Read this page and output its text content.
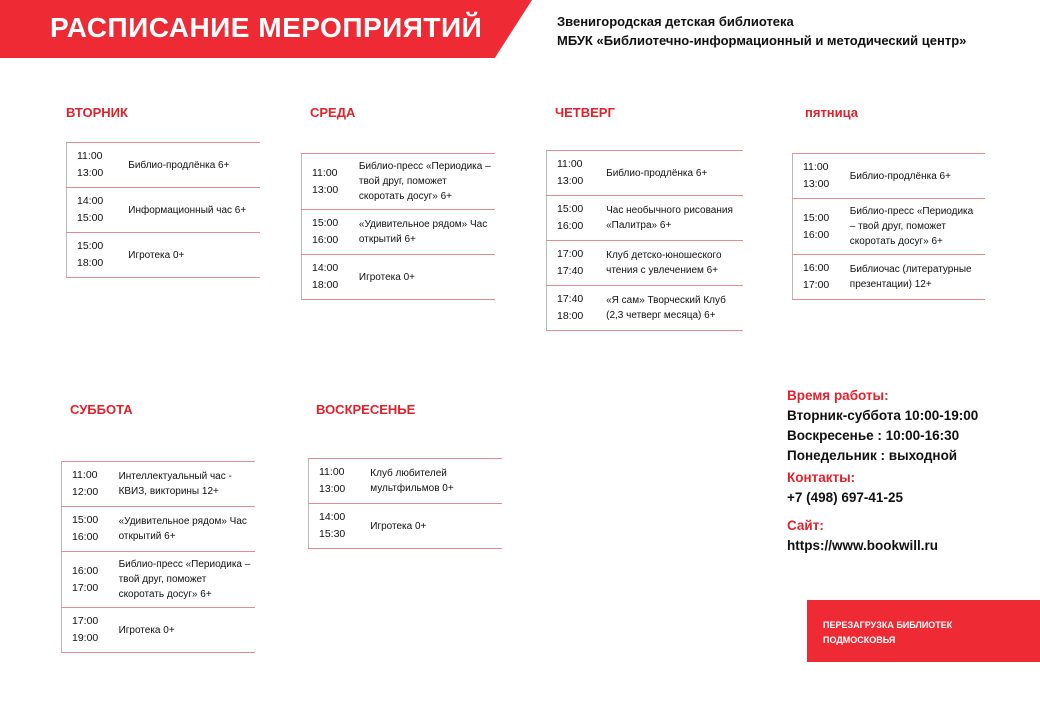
РАСПИСАНИЕ МЕРОПРИЯТИЙ	Звенигородская детская библиотека
МБУК «Библиотечно-информационный и методический центр»
ВТОРНИК
11:00
13:00	Библио-продлёнка 6+

14:00
15:00	Информационный час 6+

15:00
18:00	Игротека 0+
СРЕДА
11:00
13:00	Библио-пресс «Периодика – твой друг, поможет скоротать досуг» 6+

15:00
16:00	«Удивительное рядом» Час открытий 6+

14:00
18:00	Игротека 0+
ЧЕТВЕРГ
11:00
13:00	Библио-продлёнка 6+

15:00
16:00	Час необычного рисования «Палитра» 6+

17:00
17:40	Клуб детско-юношеского чтения с увлечением 6+

17:40
18:00	«Я сам» Творческий Клуб (2,3 четверг месяца) 6+
пятница
11:00
13:00	Библио-продлёнка 6+

15:00
16:00	Библио-пресс «Периодика – твой друг, поможет скоротать досуг» 6+

16:00
17:00	Библиочас (литературные презентации) 12+
СУББОТА
11:00
12:00	Интеллектуальный час - КВИЗ, викторины 12+

15:00
16:00	«Удивительное рядом» Час открытий 6+

16:00
17:00	Библио-пресс «Периодика – твой друг, поможет скоротать досуг» 6+

17:00
19:00	Игротека 0+
ВОСКРЕСЕНЬЕ
11:00
13:00	Клуб любителей мультфильмов 0+

14:00
15:30	Игротека 0+
Время работы:
Вторник-суббота 10:00-19:00
Воскресенье : 10:00-16:30
Понедельник : выходной
Контакты:
+7 (498) 697-41-25
Сайт:
https://www.bookwill.ru
ПЕРЕЗАГРУЗКА БИБЛИОТЕК
ПОДМОСКОВЬЯ
